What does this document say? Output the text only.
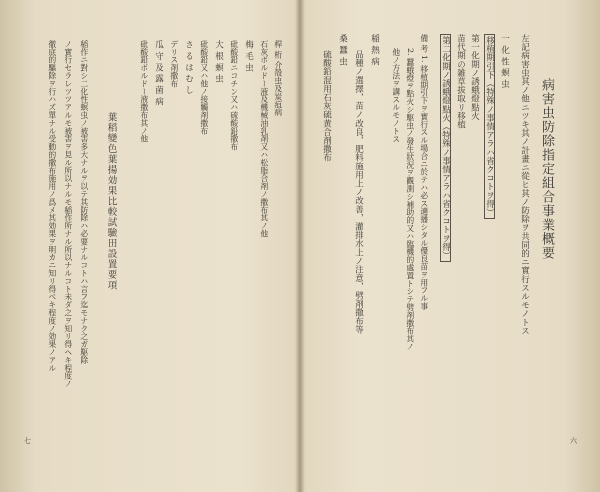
病害虫防除指定組合事業概要
左記病害虫其ノ他ニツキ其ノ計畫ニ從ヒ其ノ防除ヲ共同的ニ實行スルモノトス
一 化 性 螟 虫
移植期引下（特殊ノ事情アラハ省クコトヲ得）
第一化期ノ誘蛾燈點火
苗代期の雑草拔取リ移植
第二化期ノ誘蛾燈點火（特殊ノ事情アラハ省クコトヲ得）
備 考 1. 移植期引下ヲ實行スル場合ニ於テハ必ス適播シタル優良苗ヲ用フル事
2. 蠶蛾燈ヲ點火シ駆虫ノ發生狀況ヲ觀測シ補助的又ハ臨機的處置トシテ劈剤撒布其ノ
他ノ方法ヲ講スルモノトス
稲 熱 病
品種ノ選擇，苗ノ改良，肥料施用上ノ改善，灌排水上ノ注意，劈剤撒布等
桑 蠶 虫
硫酸鉛混用石灰硫黄合剤撒布
六
桿 桁 介殼虫及炭疽病
石灰ボルドー液及機械油乳剤又ハ松脂合剤ノ撒布其ノ他
梅 毛 虫
砒酸鉛ニコチン又ハ硫酸鉛撒布
大 根 螟 虫
砒酸鉛又ハ他ノ接觸剤撒布
さ る は む し
デリス剤撒布
瓜 守 及 露 菌 病
砒酸鉛ボルドー液撒布其ノ他
葉稻變色葉揚効果比較試驗田設置要項
稲作ニ對シ二化性螟虫ノ被害多大ナルヲ以テ其防除ハ必要ナルコトハ言フ迄モナク之ガ駆除
ノ實行セラレツツアルモ被害ヲ見ル所以ナルモ稲作所ナル所以ナルコト未ダ之ヲ知リ得ヘキ程度ノ
徹底的驅除ヲ行ハズ單ナル受動的撒布施用ノ爲メ其効果ヲ明カニ知リ得ベキ程度ノ効果ノアル
七
